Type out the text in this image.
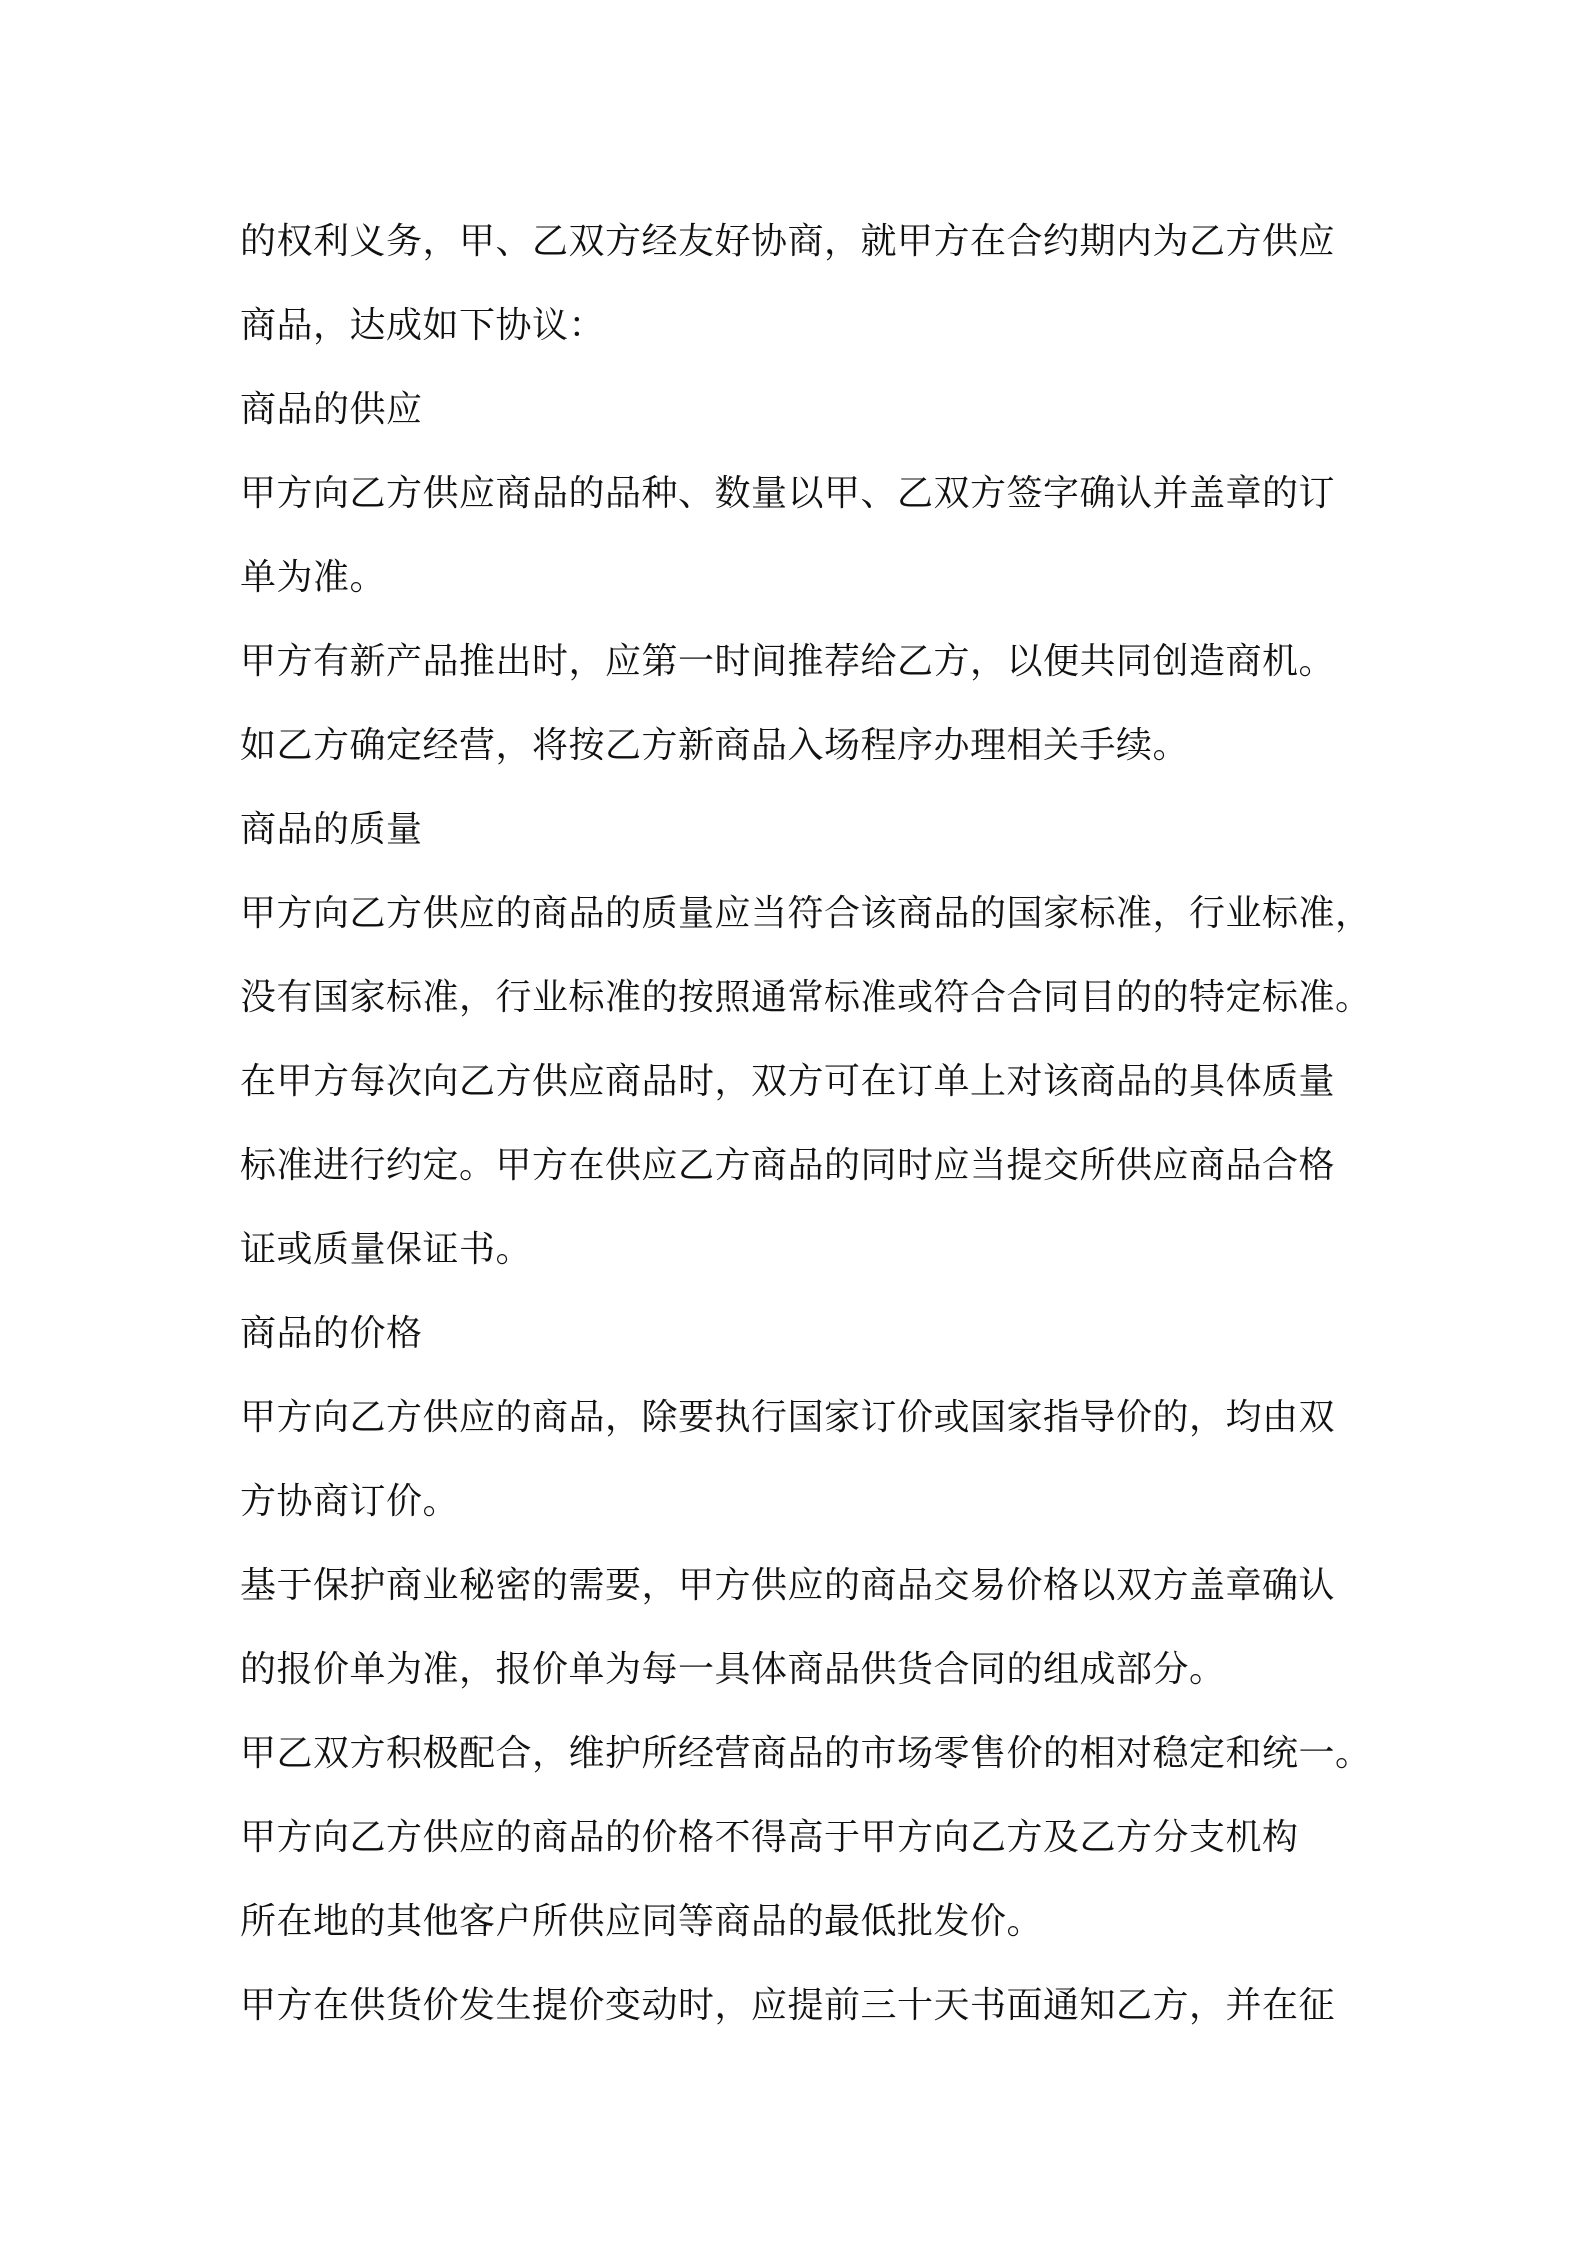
的权利义务，甲、乙双方经友好协商，就甲方在合约期内为乙方供应
商品，达成如下协议：
商品的供应
甲方向乙方供应商品的品种、数量以甲、乙双方签字确认并盖章的订
单为准。
甲方有新产品推出时，应第一时间推荐给乙方，以便共同创造商机。
如乙方确定经营，将按乙方新商品入场程序办理相关手续。
商品的质量
甲方向乙方供应的商品的质量应当符合该商品的国家标准，行业标准，
没有国家标准，行业标准的按照通常标准或符合合同目的的特定标准。
在甲方每次向乙方供应商品时，双方可在订单上对该商品的具体质量
标准进行约定。甲方在供应乙方商品的同时应当提交所供应商品合格
证或质量保证书。
商品的价格
甲方向乙方供应的商品，除要执行国家订价或国家指导价的，均由双
方协商订价。
基于保护商业秘密的需要，甲方供应的商品交易价格以双方盖章确认
的报价单为准，报价单为每一具体商品供货合同的组成部分。
甲乙双方积极配合，维护所经营商品的市场零售价的相对稳定和统一。
甲方向乙方供应的商品的价格不得高于甲方向乙方及乙方分支机构
所在地的其他客户所供应同等商品的最低批发价。
甲方在供货价发生提价变动时，应提前三十天书面通知乙方，并在征
